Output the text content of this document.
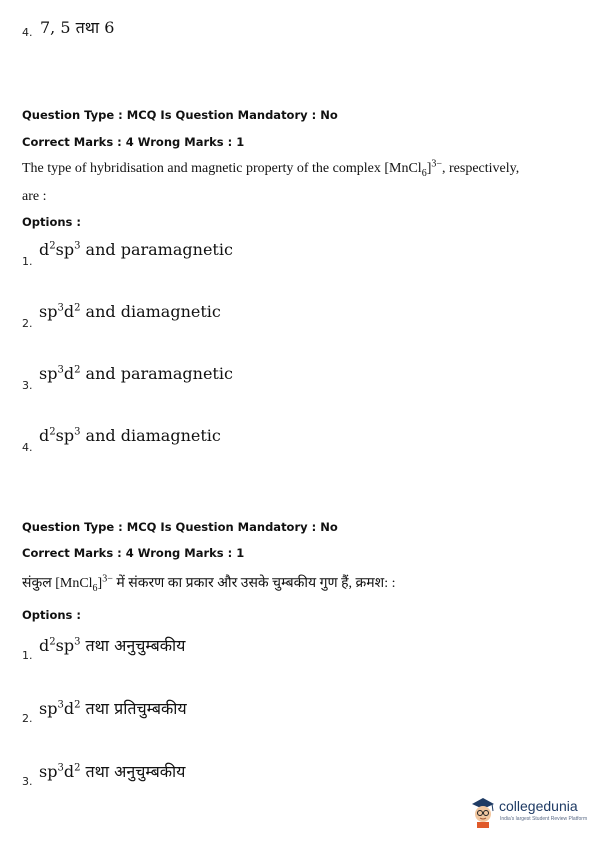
4. 7, 5 तथा 6
Question Type : MCQ Is Question Mandatory : No
Correct Marks : 4 Wrong Marks : 1
The type of hybridisation and magnetic property of the complex [MnCl$_6$]$^{3-}$, respectively,
are :
Options :
1.
$d^2sp^3$ and paramagnetic
2.
$sp^3d^2$ and diamagnetic
3.
$sp^3d^2$ and paramagnetic
4.
$d^2sp^3$ and diamagnetic
Question Type : MCQ Is Question Mandatory : No
Correct Marks : 4 Wrong Marks : 1
संकुल [MnCl$_6$]$^{3-}$ में संकरण का प्रकार और उसके चुम्बकीय गुण हैं, क्रमश: :
Options :
1.
$d^2sp^3$ तथा अनुचुम्बकीय
2.
$sp^3d^2$ तथा प्रतिचुम्बकीय
3.
$sp^3d^2$ तथा अनुचुम्बकीय
collegedunia
India's largest Student Review Platform
